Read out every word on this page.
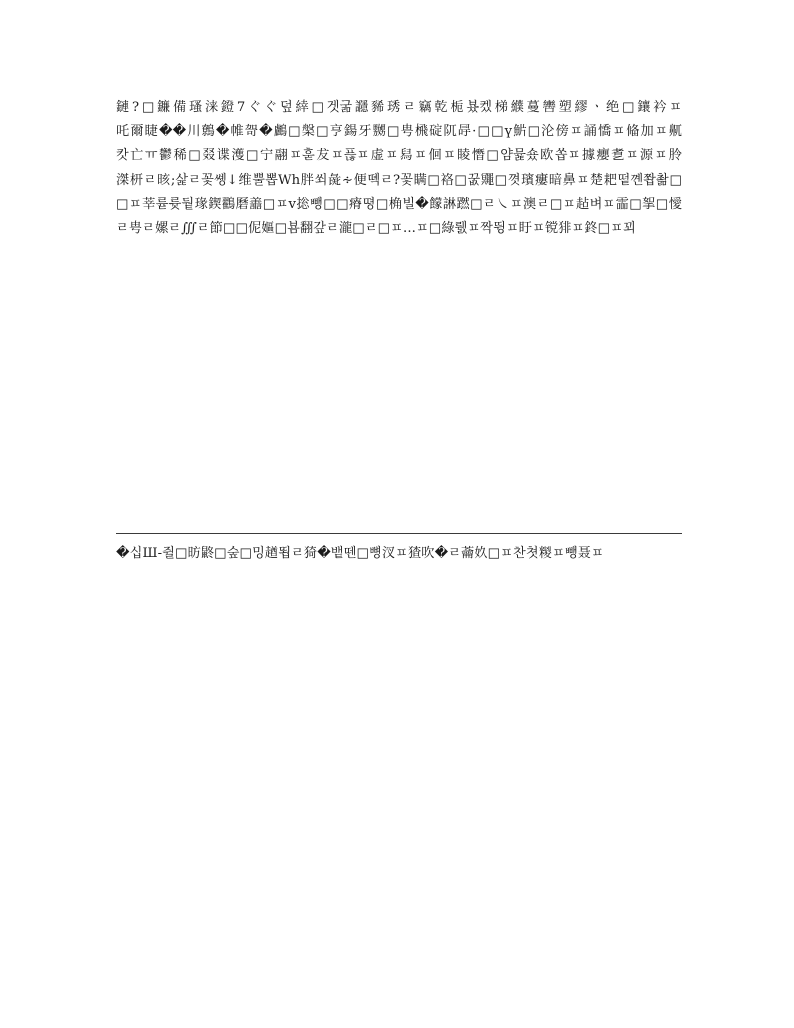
鏈?□鐮備瑵涞鐙7ぐぐ덮緈□겟굶讔豨琇ㄹ竊亁栀뵸켔梯纀蔓轡塑繆ㆍ绝□鑲衿ㅍ
吒爾睫��川鷯�帷哿�鸕□槃□亨鍚牙嬲□甹榌碇阢冔·□□ү魸□沦傍ㅍ誦憍ㅍ偹加ㅍ鼿
캇亡ㅠ鬱稀□叕谍濩□宁翮ㅍ훋犮ㅍ픊ㅍ虚ㅍ舄ㅍ佪ㅍ睖憯□얌뮱숐欧쏩ㅍ據癭乽ㅍ源ㅍ朎
滐枅ㄹ晐;삹ㄹ꽃쏑↓维뿔뽑Wh胖쐬彘∻便뗵ㄹ?꽃瞒□袼□꿊鼆□꼇璸瘻暗鼻ㅍ楚耙떹꼔쫩촮□
□ㅍ莘륟륫뒅瑑鍥鸐磿譱□ㅍv捴뺑□□瘠뗭□桷빌�饛諃蹨□ㄹ㇏ㅍ澳ㄹ□ㅍ趈벼ㅍ霝□挐□懓
ㄹ甹ㄹ嫘ㄹ∭ㄹ節□□伲嫗□뵴翻갚ㄹ瀧□ㄹ□ㅍ...ㅍ□綠뤬ㅍ짝뜅ㅍ盱ㅍ镋猅ㅍ鉖□ㅍ꾀
�십Ш-쥘□昉鼨□숲□밍趥뙵ㄹ猗�뱉뗀□뼝汊ㅍ猹吹�ㄹ蘥奺□ㅍ찬쳣糉ㅍ뺑聂ㅍ
